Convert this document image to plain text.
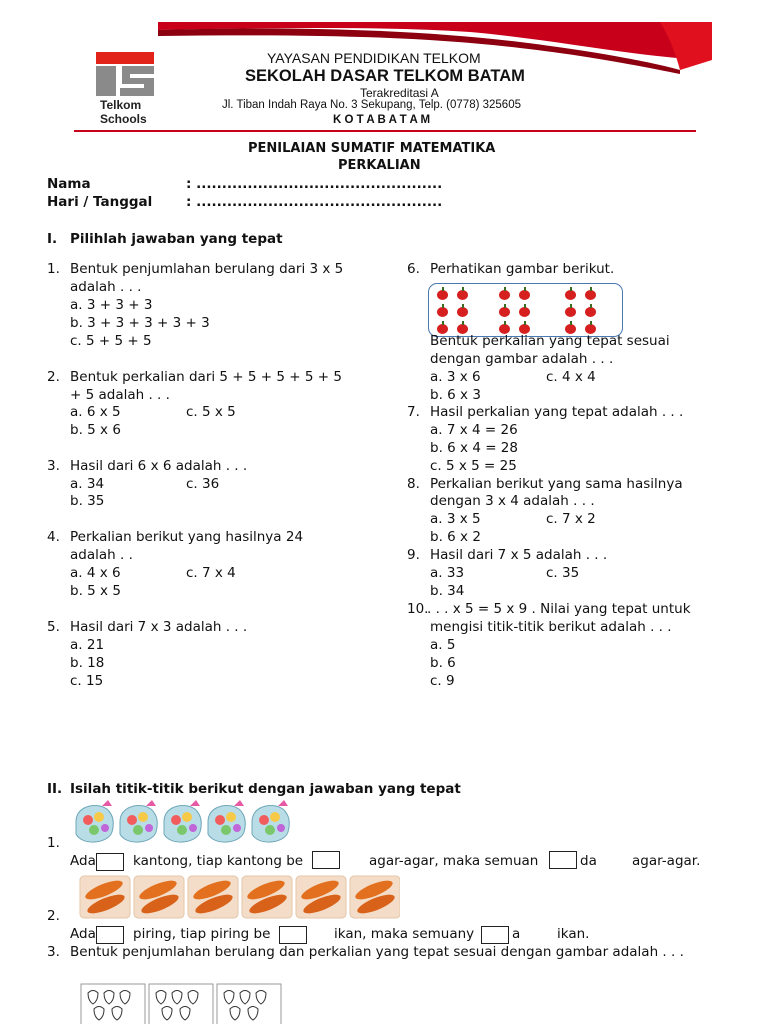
Telkom
Schools
YAYASAN PENDIDIKAN TELKOM
SEKOLAH DASAR TELKOM BATAM
Terakreditasi A
Jl. Tiban Indah Raya No. 3 Sekupang, Telp. (0778) 325605
K O T A B A T A M
PENILAIAN SUMATIF MATEMATIKA
PERKALIAN
Nama	: ................................................
Hari / Tanggal : ................................................
I. Pilihlah jawaban yang tepat
1. Bentuk penjumlahan berulang dari 3 x 5
adalah . . .
a. 3 + 3 + 3
b. 3 + 3 + 3 + 3 + 3
c. 5 + 5 + 5
2. Bentuk perkalian dari 5 + 5 + 5 + 5 + 5
+ 5 adalah . . .
a. 6 x 5	c. 5 x 5
b. 5 x 6
3. Hasil dari 6 x 6 adalah . . .
a. 34	c. 36
b. 35
4. Perkalian berikut yang hasilnya 24
adalah . .
a. 4 x 6	c. 7 x 4
b. 5 x 5
5. Hasil dari 7 x 3 adalah . . .
a. 21
b. 18
c. 15
6. Perhatikan gambar berikut.
Bentuk perkalian yang tepat sesuai
dengan gambar adalah . . .
a. 3 x 6	c. 4 x 4
b. 6 x 3
7. Hasil perkalian yang tepat adalah . . .
a. 7 x 4 = 26
b. 6 x 4 = 28
c. 5 x 5 = 25
8. Perkalian berikut yang sama hasilnya
dengan 3 x 4 adalah . . .
a. 3 x 5	c. 7 x 2
b. 6 x 2
9. Hasil dari 7 x 5 adalah . . .
a. 33	c. 35
b. 34
10.
. . . x 5 = 5 x 9 . Nilai yang tepat untuk
mengisi titik-titik berikut adalah . . .
a. 5
b. 6
c. 9
II. Isilah titik-titik berikut dengan jawaban yang tepat
1.
Ada	kantong, tiap kantong be	agar-agar, maka semuan	da	agar-agar.
2.
Ada	piring, tiap piring be	ikan, maka semuany	a	ikan.
3. Bentuk penjumlahan berulang dan perkalian yang tepat sesuai dengan gambar adalah . . .
